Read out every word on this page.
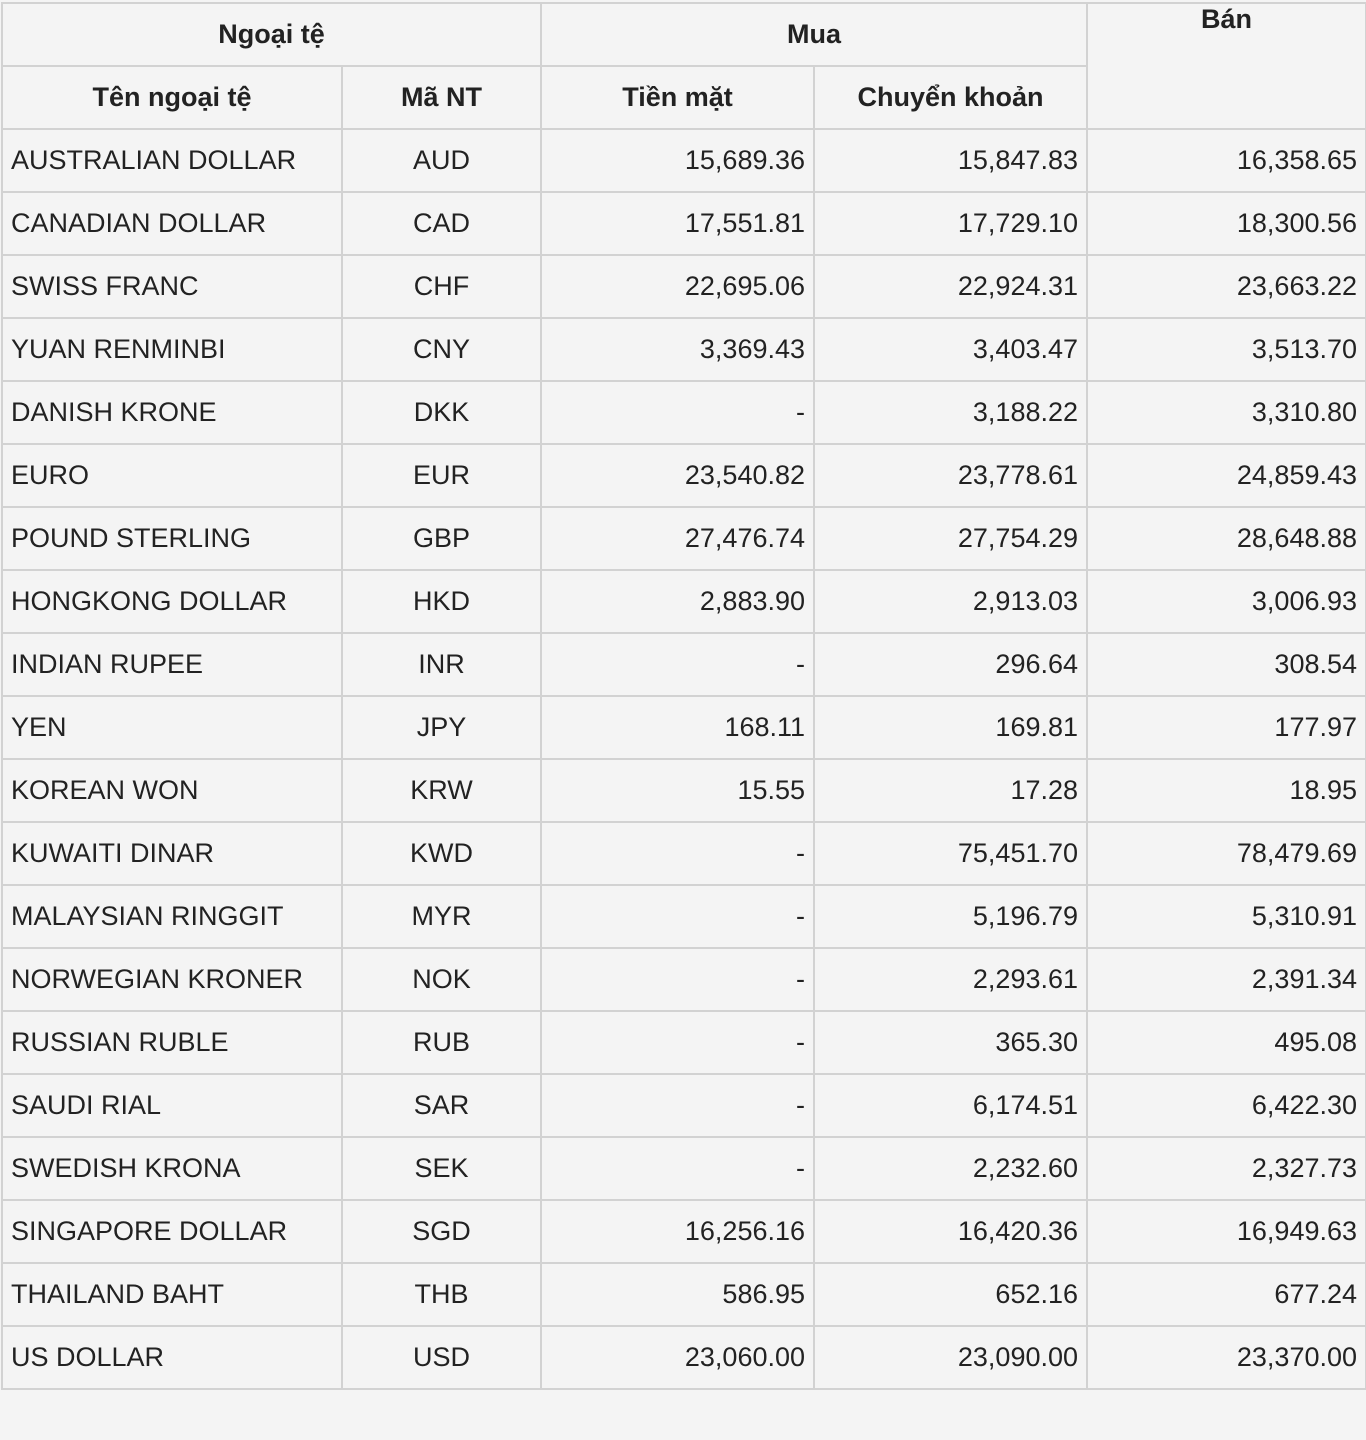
Ngoại tệ		Mua		Bán
Tên ngoại tệ	Mã NT	Tiền mặt	Chuyển khoản	
AUSTRALIAN DOLLAR	AUD	15,689.36	15,847.83	16,358.65
CANADIAN DOLLAR	CAD	17,551.81	17,729.10	18,300.56
SWISS FRANC	CHF	22,695.06	22,924.31	23,663.22
YUAN RENMINBI	CNY	3,369.43	3,403.47	3,513.70
DANISH KRONE	DKK	-	3,188.22	3,310.80
EURO	EUR	23,540.82	23,778.61	24,859.43
POUND STERLING	GBP	27,476.74	27,754.29	28,648.88
HONGKONG DOLLAR	HKD	2,883.90	2,913.03	3,006.93
INDIAN RUPEE	INR	-	296.64	308.54
YEN	JPY	168.11	169.81	177.97
KOREAN WON	KRW	15.55	17.28	18.95
KUWAITI DINAR	KWD	-	75,451.70	78,479.69
MALAYSIAN RINGGIT	MYR	-	5,196.79	5,310.91
NORWEGIAN KRONER	NOK	-	2,293.61	2,391.34
RUSSIAN RUBLE	RUB	-	365.30	495.08
SAUDI RIAL	SAR	-	6,174.51	6,422.30
SWEDISH KRONA	SEK	-	2,232.60	2,327.73
SINGAPORE DOLLAR	SGD	16,256.16	16,420.36	16,949.63
THAILAND BAHT	THB	586.95	652.16	677.24
US DOLLAR	USD	23,060.00	23,090.00	23,370.00
